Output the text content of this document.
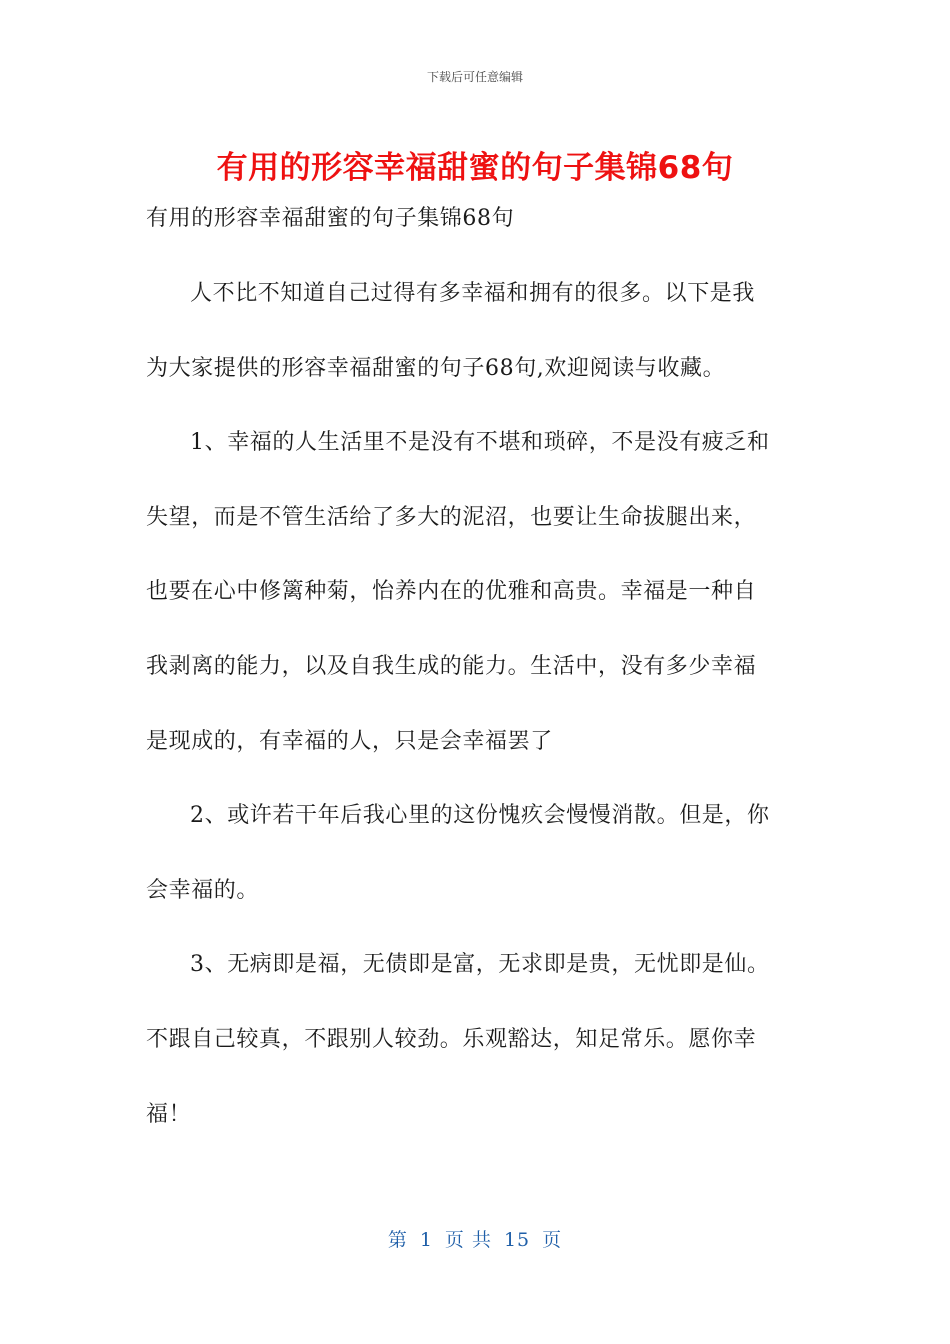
下载后可任意编辑
有用的形容幸福甜蜜的句子集锦68句
有用的形容幸福甜蜜的句子集锦68句
人不比不知道自己过得有多幸福和拥有的很多。以下是我
为大家提供的形容幸福甜蜜的句子68句,欢迎阅读与收藏。
1、幸福的人生活里不是没有不堪和琐碎，不是没有疲乏和
失望，而是不管生活给了多大的泥沼，也要让生命拔腿出来，
也要在心中修篱种菊，怡养内在的优雅和高贵。幸福是一种自
我剥离的能力，以及自我生成的能力。生活中，没有多少幸福
是现成的，有幸福的人，只是会幸福罢了
2、或许若干年后我心里的这份愧疚会慢慢消散。但是，你
会幸福的。
3、无病即是福，无债即是富，无求即是贵，无忧即是仙。
不跟自己较真，不跟别人较劲。乐观豁达，知足常乐。愿你幸
福！
第 1 页 共 15 页
